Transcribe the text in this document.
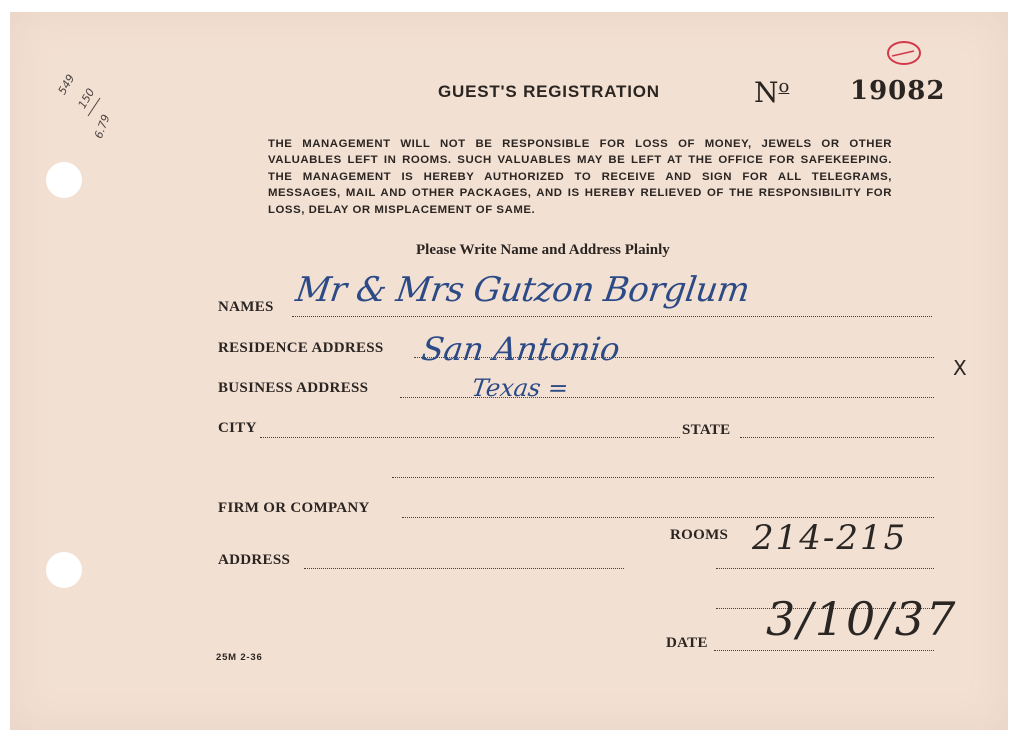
549
150
6.79
GUEST'S REGISTRATION	$N^o$ 19082
THE MANAGEMENT WILL NOT BE RESPONSIBLE FOR LOSS OF MONEY, JEWELS OR OTHER VALUABLES LEFT IN ROOMS. SUCH VALUABLES MAY BE LEFT AT THE OFFICE FOR SAFEKEEPING. THE MANAGEMENT IS HEREBY AUTHORIZED TO RECEIVE AND SIGN FOR ALL TELEGRAMS, MESSAGES, MAIL AND OTHER PACKAGES, AND IS HEREBY RELIEVED OF THE RESPONSIBILITY FOR LOSS, DELAY OR MISPLACEMENT OF SAME.
Please Write Name and Address Plainly
NAMES Mr & Mrs Gutzon Borglum
RESIDENCE ADDRESS San Antonio	X
BUSINESS ADDRESS	Texas =
CITY	STATE
FIRM OR COMPANY
ROOMS 214-215
ADDRESS
DATE 3/10/37
25M 2-36
